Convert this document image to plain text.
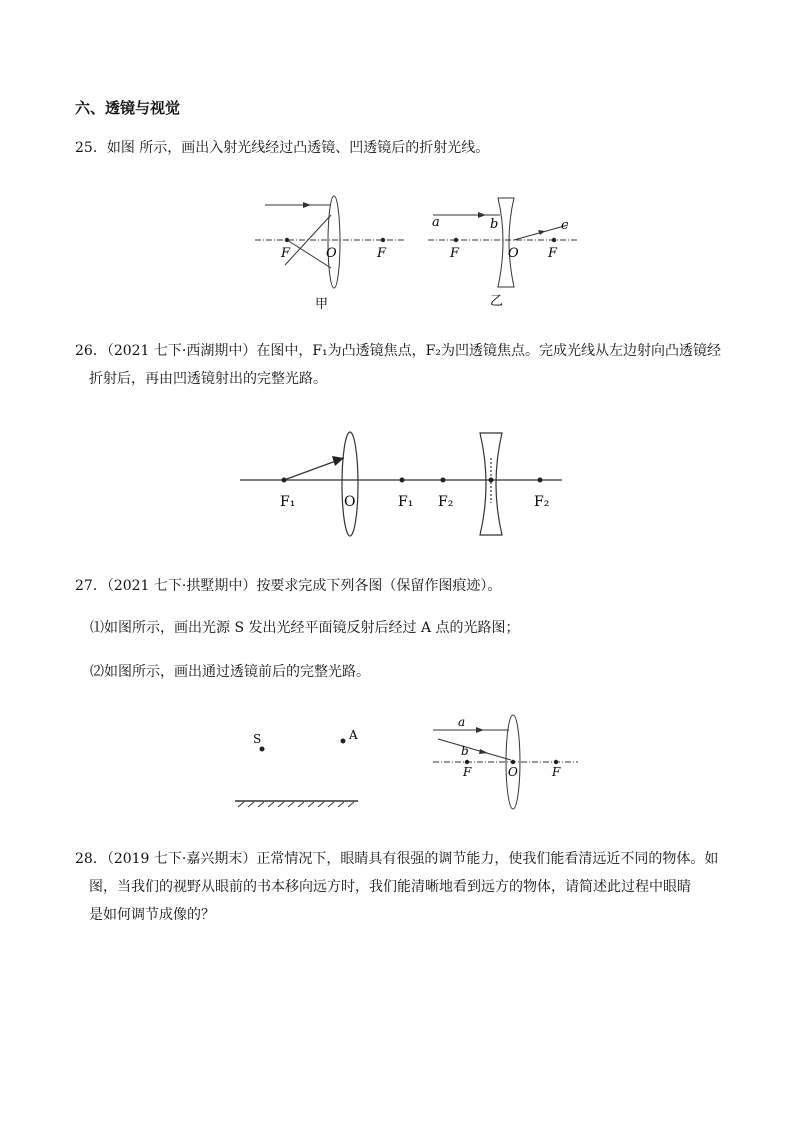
六、透镜与视觉
25．如图 所示，画出入射光线经过凸透镜、凹透镜后的折射光线。
F	O	F
甲
a	b	c
F	O F
乙
26．（2021 七下·西湖期中）在图中，F₁为凸透镜焦点，F₂为凹透镜焦点。完成光线从左边射向凸透镜经
折射后，再由凹透镜射出的完整光路。
F₁	O	F₁ F₂	F₂
27．（2021 七下·拱墅期中）按要求完成下列各图（保留作图痕迹）。
⑴如图所示，画出光源 S 发出光经平面镜反射后经过 A 点的光路图；
⑵如图所示，画出通过透镜前后的完整光路。
S	A
a
b
F	O	F
28．（2019 七下·嘉兴期末）正常情况下，眼睛具有很强的调节能力，使我们能看清远近不同的物体。如
图，当我们的视野从眼前的书本移向远方时，我们能清晰地看到远方的物体，请简述此过程中眼睛
是如何调节成像的？
